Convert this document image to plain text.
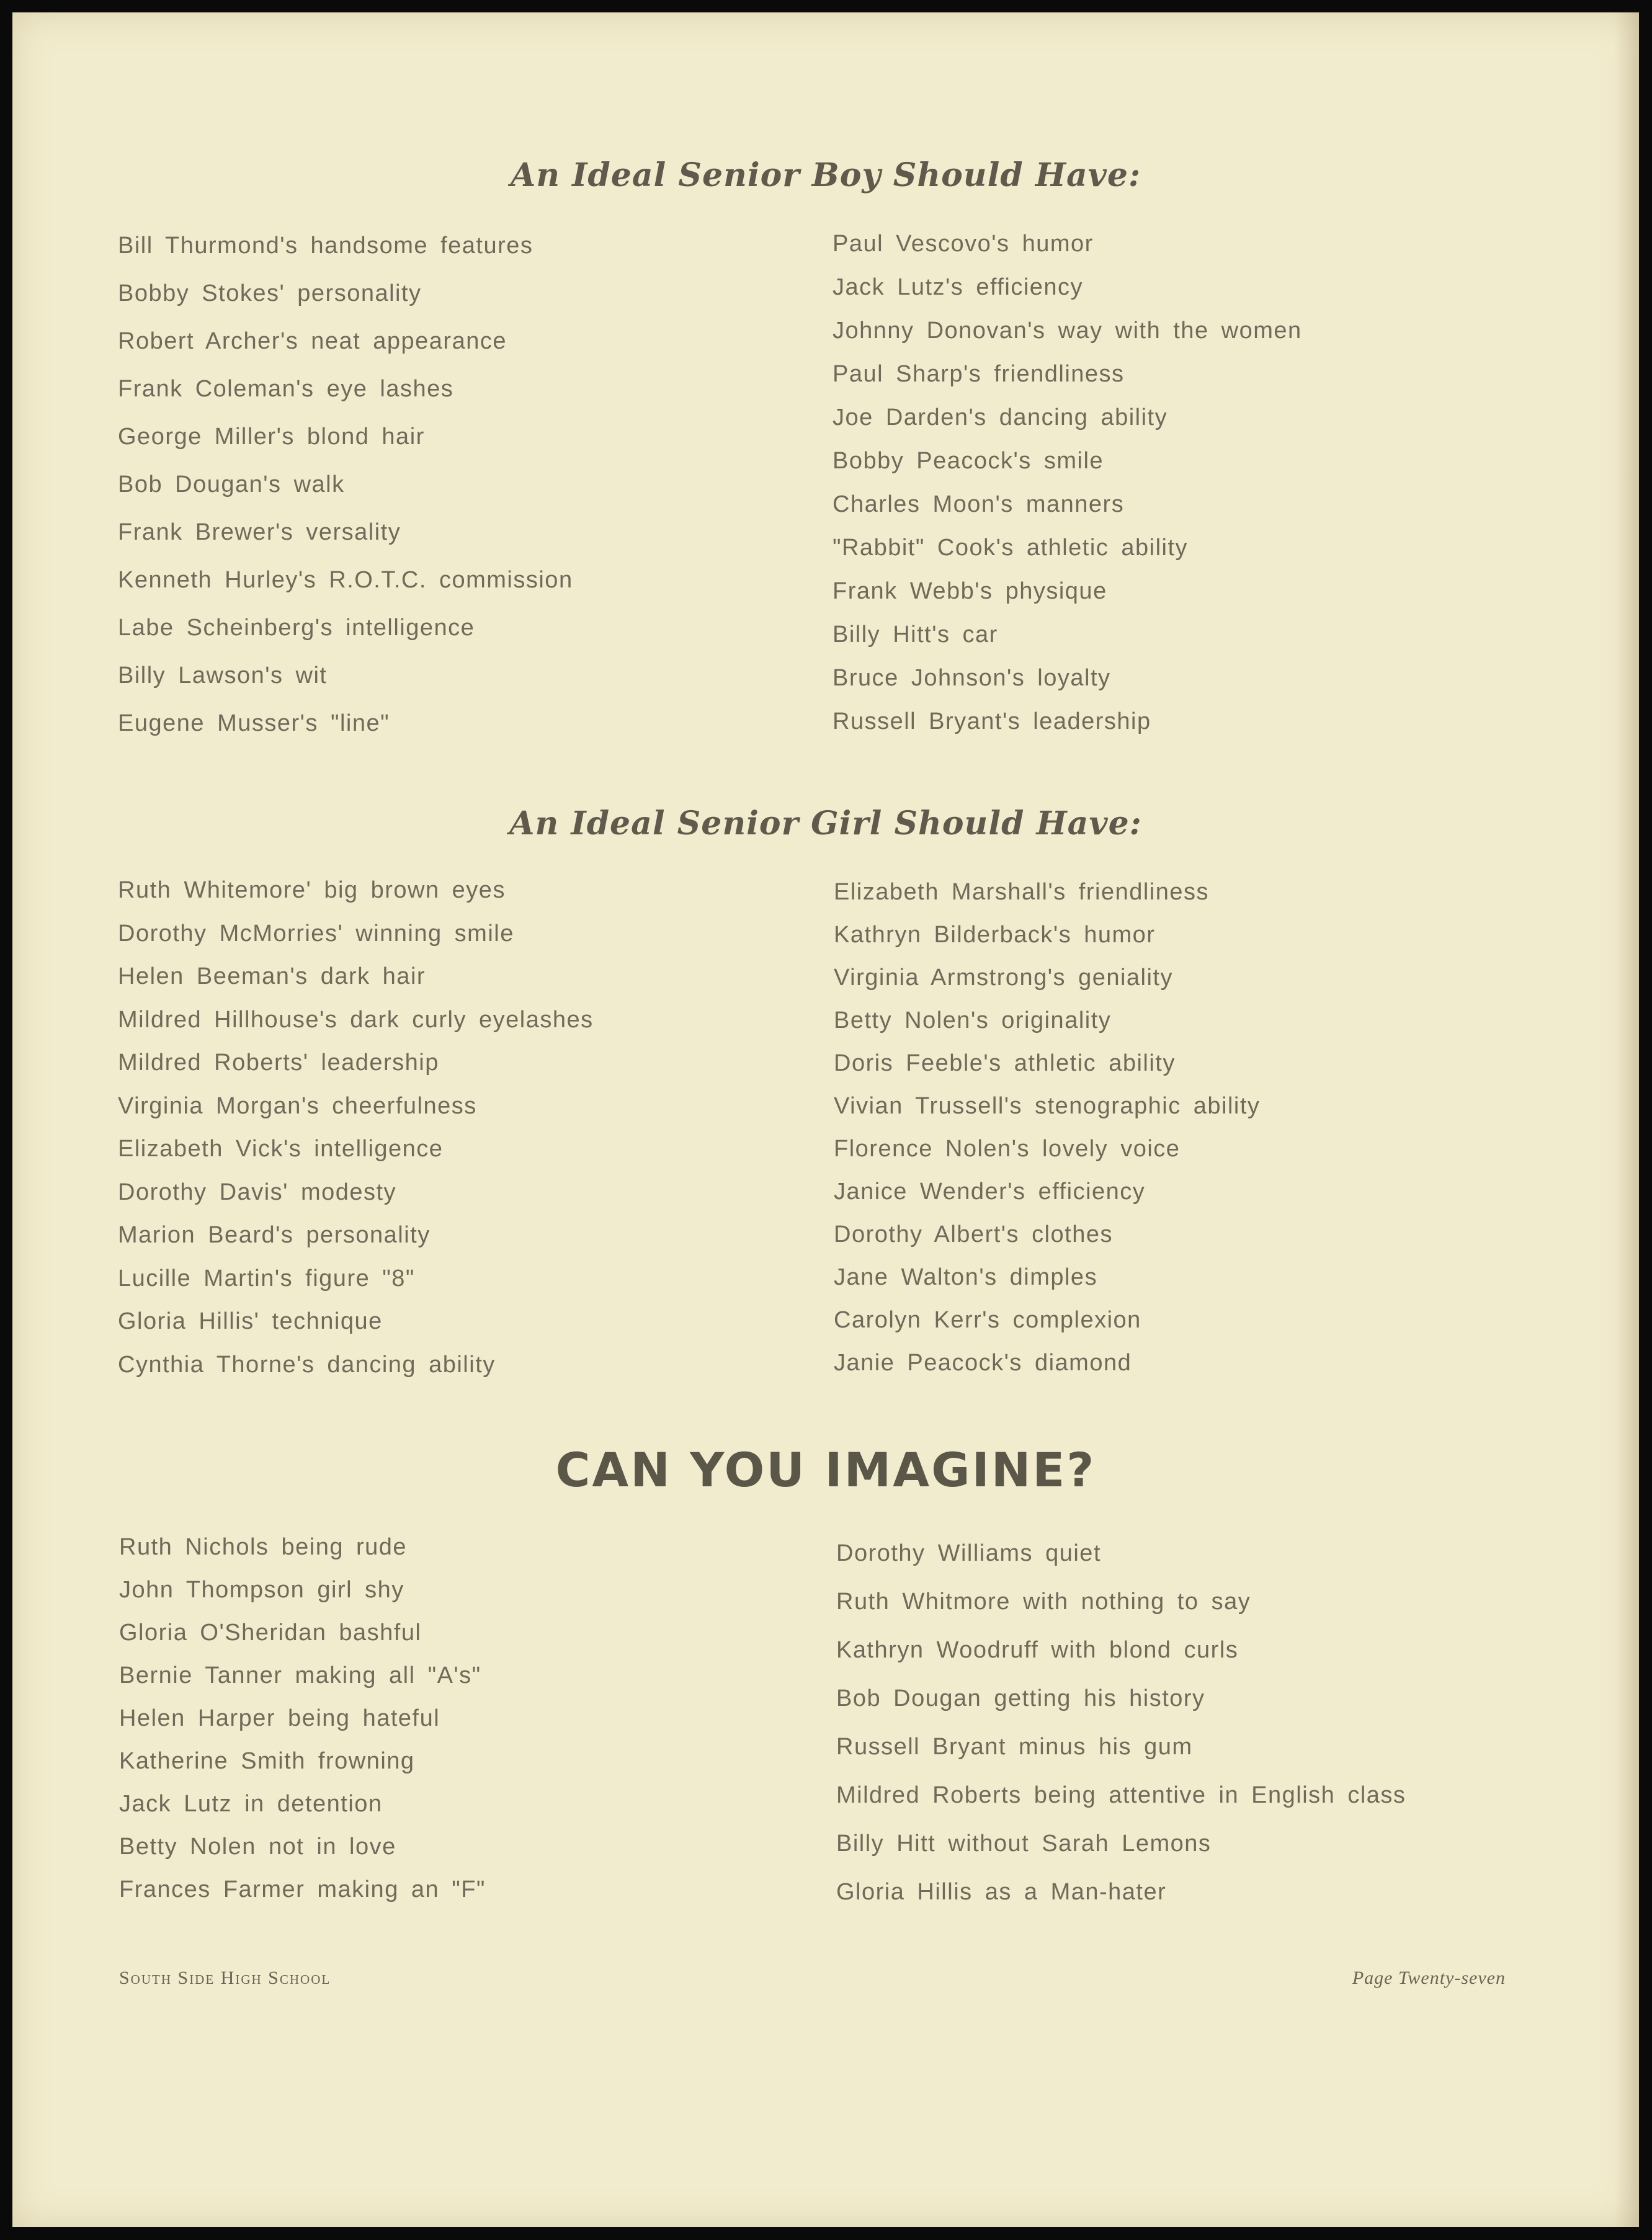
An Ideal Senior Boy Should Have:
Bill Thurmond's handsome features
Bobby Stokes' personality
Robert Archer's neat appearance
Frank Coleman's eye lashes
George Miller's blond hair
Bob Dougan's walk
Frank Brewer's versality
Kenneth Hurley's R.O.T.C. commission
Labe Scheinberg's intelligence
Billy Lawson's wit
Eugene Musser's "line"
Paul Vescovo's humor
Jack Lutz's efficiency
Johnny Donovan's way with the women
Paul Sharp's friendliness
Joe Darden's dancing ability
Bobby Peacock's smile
Charles Moon's manners
"Rabbit" Cook's athletic ability
Frank Webb's physique
Billy Hitt's car
Bruce Johnson's loyalty
Russell Bryant's leadership
An Ideal Senior Girl Should Have:
Ruth Whitemore' big brown eyes
Dorothy McMorries' winning smile
Helen Beeman's dark hair
Mildred Hillhouse's dark curly eyelashes
Mildred Roberts' leadership
Virginia Morgan's cheerfulness
Elizabeth Vick's intelligence
Dorothy Davis' modesty
Marion Beard's personality
Lucille Martin's figure "8"
Gloria Hillis' technique
Cynthia Thorne's dancing ability
Elizabeth Marshall's friendliness
Kathryn Bilderback's humor
Virginia Armstrong's geniality
Betty Nolen's originality
Doris Feeble's athletic ability
Vivian Trussell's stenographic ability
Florence Nolen's lovely voice
Janice Wender's efficiency
Dorothy Albert's clothes
Jane Walton's dimples
Carolyn Kerr's complexion
Janie Peacock's diamond
CAN YOU IMAGINE?
Ruth Nichols being rude
John Thompson girl shy
Gloria O'Sheridan bashful
Bernie Tanner making all "A's"
Helen Harper being hateful
Katherine Smith frowning
Jack Lutz in detention
Betty Nolen not in love
Frances Farmer making an "F"
Dorothy Williams quiet
Ruth Whitmore with nothing to say
Kathryn Woodruff with blond curls
Bob Dougan getting his history
Russell Bryant minus his gum
Mildred Roberts being attentive in English class
Billy Hitt without Sarah Lemons
Gloria Hillis as a Man-hater
South Side High School	Page Twenty-seven
